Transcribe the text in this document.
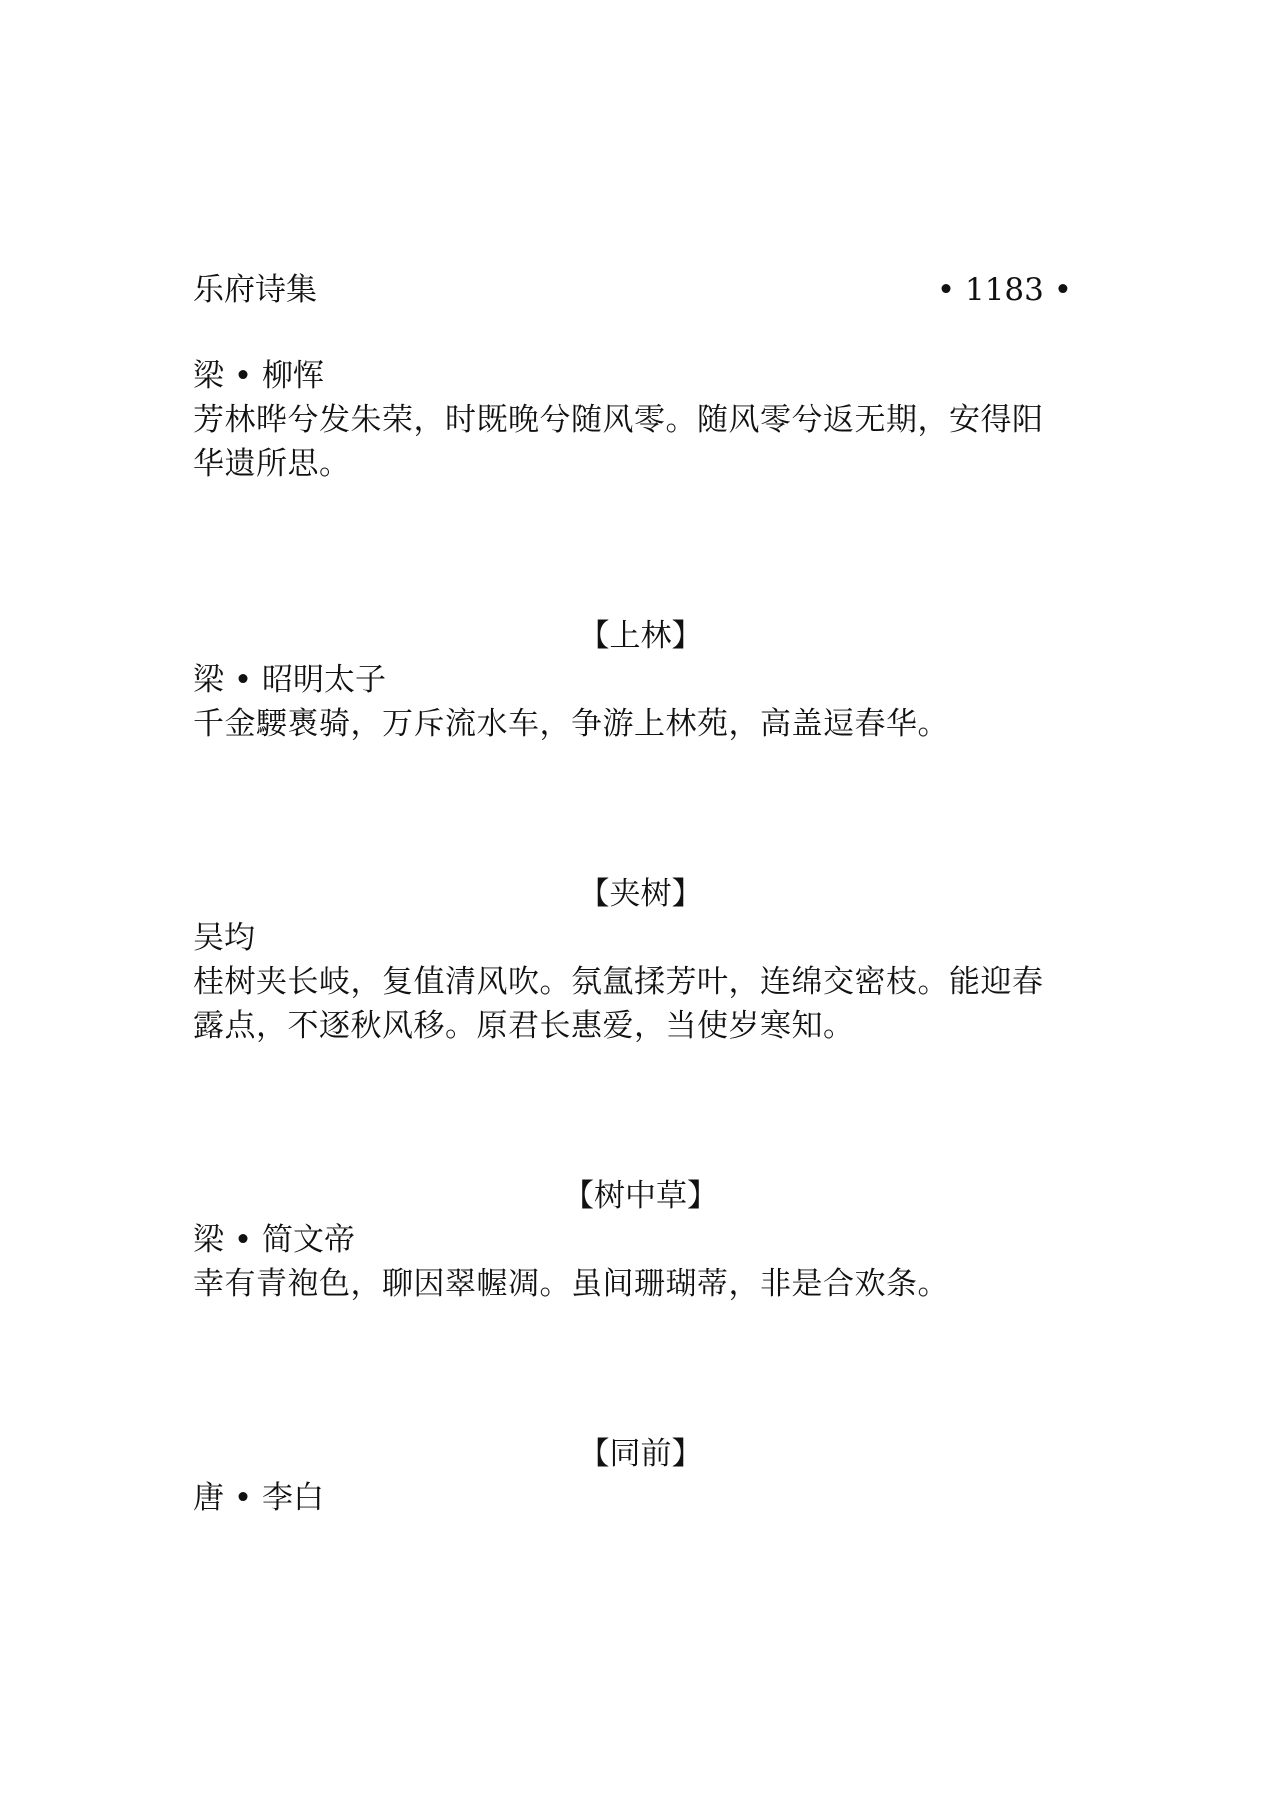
乐府诗集	• 1183 •
梁 • 柳恽
芳林晔兮发朱荣，时既晚兮随风零。随风零兮返无期，安得阳
华遗所思。
【上林】
梁 • 昭明太子
千金騕褭骑，万斥流水车，争游上林苑，高盖逗春华。
【夹树】
吴均
桂树夹长岐，复值清风吹。氛氲揉芳叶，连绵交密枝。能迎春
露点，不逐秋风移。原君长惠爱，当使岁寒知。
【树中草】
梁 • 简文帝
幸有青袍色，聊因翠幄凋。虽间珊瑚蒂，非是合欢条。
【同前】
唐 • 李白
